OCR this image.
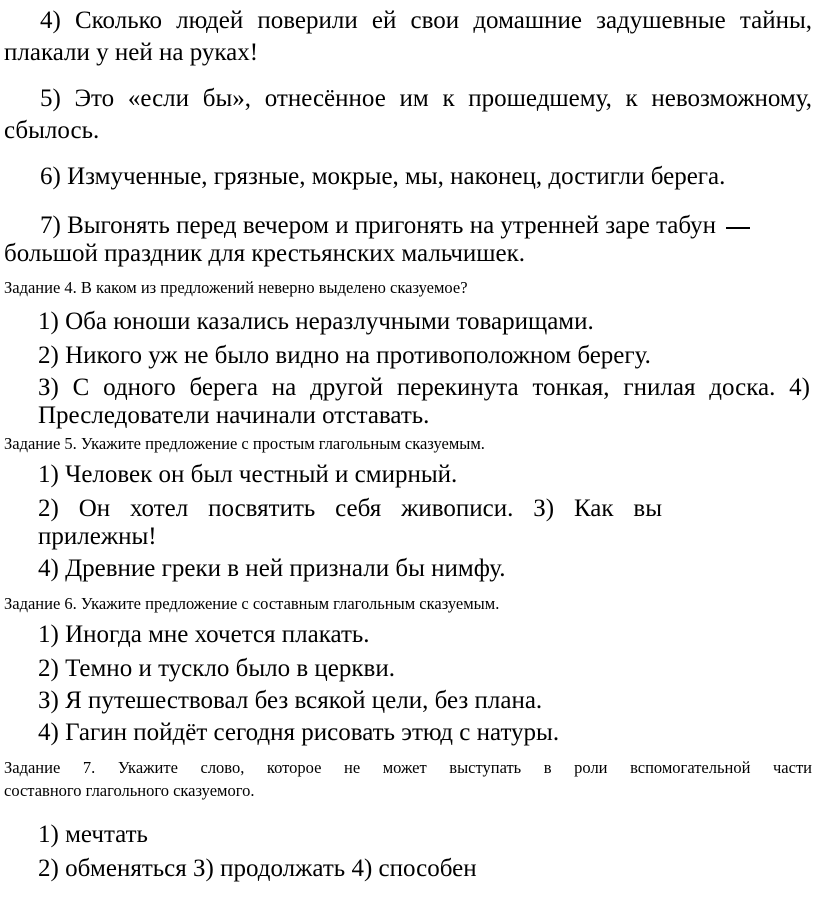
4) Сколько людей поверили ей свои домашние задушевные тайны,
плакали у ней на руках!
5) Это «если бы», отнесённое им к прошедшему, к невозможному,
сбылось.
6) Измученные, грязные, мокрые, мы, наконец, достигли берега.
7) Выгонять перед вечером и пригонять на утренней заре табун
большой праздник для крестьянских мальчишек.
Задание 4. В каком из предложений неверно выделено сказуемое?
1) Оба юноши казались неразлучными товарищами.
2) Никого уж не было видно на противоположном берегу.
З) С одного берега на другой перекинута тонкая, гнилая доска. 4)
Преследователи начинали отставать.
Задание 5. Укажите предложение с простым глагольным сказуемым.
1) Человек он был честный и смирный.
2) Он хотел посвятить себя живописи. З) Как вы
прилежны!
4) Древние греки в ней признали бы нимфу.
Задание 6. Укажите предложение с составным глагольным сказуемым.
1) Иногда мне хочется плакать.
2) Темно и тускло было в церкви.
З) Я путешествовал без всякой цели, без плана.
4) Гагин пойдёт сегодня рисовать этюд с натуры.
Задание 7. Укажите слово, которое не может выступать в роли вспомогательной части
составного глагольного сказуемого.
1) мечтать
2) обменяться З) продолжать 4) способен
